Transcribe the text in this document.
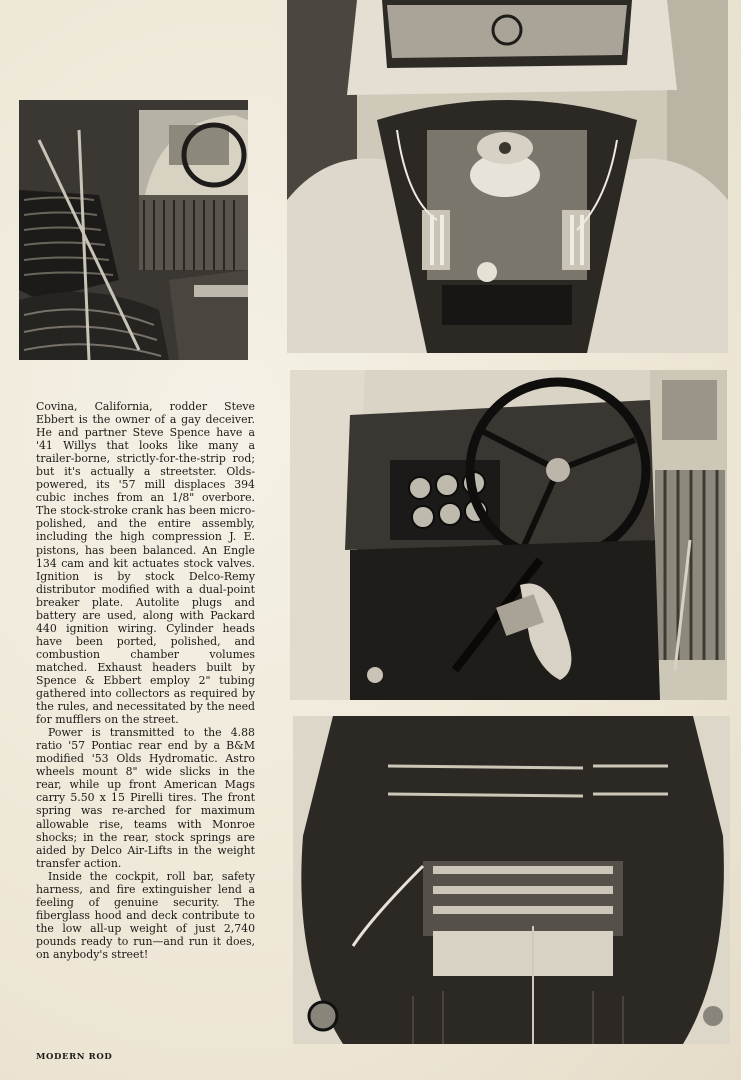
Covina, California, rodder Steve Ebbert is the owner of a gay deceiver. He and partner Steve Spence have a '41 Willys that looks like many a trailer-borne, strictly-for-the-strip rod; but it's actually a streetster. Olds-powered, its '57 mill displaces 394 cubic inches from an 1/8" overbore. The stock-stroke crank has been micro-polished, and the entire assembly, including the high compression J. E. pistons, has been balanced. An Engle 134 cam and kit actuates stock valves. Ignition is by stock Delco-Remy distributor modified with a dual-point breaker plate. Autolite plugs and battery are used, along with Packard 440 ignition wiring. Cylinder heads have been ported, polished, and combustion chamber volumes matched. Exhaust headers built by Spence & Ebbert employ 2" tubing gathered into collectors as required by the rules, and necessitated by the need for mufflers on the street.

Power is transmitted to the 4.88 ratio '57 Pontiac rear end by a B&M modified '53 Olds Hydromatic. Astro wheels mount 8" wide slicks in the rear, while up front American Mags carry 5.50 x 15 Pirelli tires. The front spring was re-arched for maximum allowable rise, teams with Monroe shocks; in the rear, stock springs are aided by Delco Air-Lifts in the weight transfer action.

Inside the cockpit, roll bar, safety harness, and fire extinguisher lend a feeling of genuine security. The fiberglass hood and deck contribute to the low all-up weight of just 2,740 pounds ready to run—and run it does, on anybody's street!

MODERN ROD
